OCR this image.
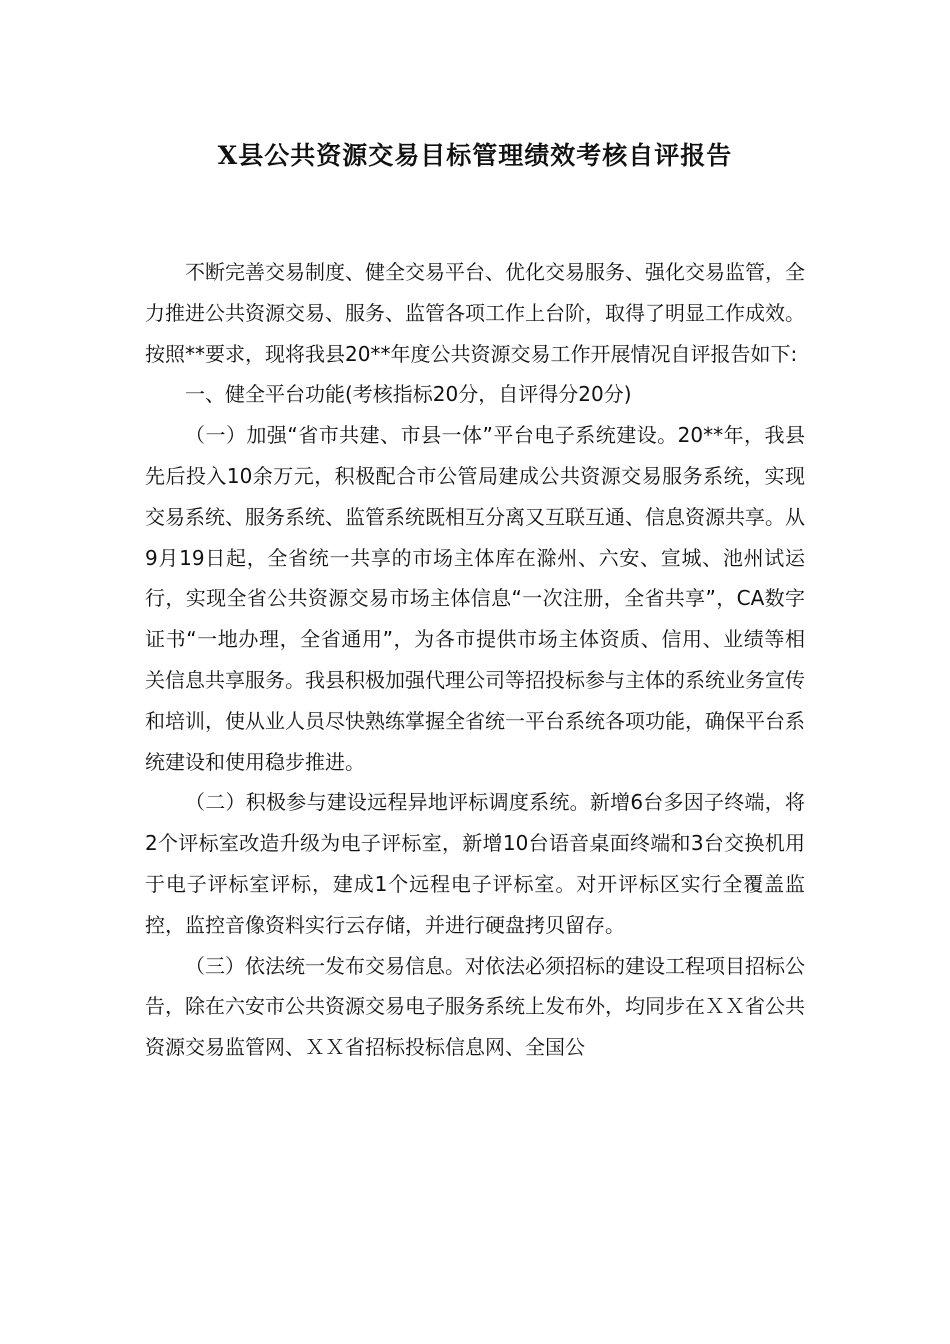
X县公共资源交易目标管理绩效考核自评报告

不断完善交易制度、健全交易平台、优化交易服务、强化交易监管，全力推进公共资源交易、服务、监管各项工作上台阶，取得了明显工作成效。按照**要求，现将我县20**年度公共资源交易工作开展情况自评报告如下:

一、健全平台功能(考核指标20分，自评得分20分)

（一）加强“省市共建、市县一体”平台电子系统建设。20**年，我县先后投入10余万元，积极配合市公管局建成公共资源交易服务系统，实现交易系统、服务系统、监管系统既相互分离又互联互通、信息资源共享。从9月19日起，全省统一共享的市场主体库在滁州、六安、宣城、池州试运行，实现全省公共资源交易市场主体信息“一次注册，全省共享”，CA数字证书“一地办理，全省通用”，为各市提供市场主体资质、信用、业绩等相关信息共享服务。我县积极加强代理公司等招投标参与主体的系统业务宣传和培训，使从业人员尽快熟练掌握全省统一平台系统各项功能，确保平台系统建设和使用稳步推进。

（二）积极参与建设远程异地评标调度系统。新增6台多因子终端，将2个评标室改造升级为电子评标室，新增10台语音桌面终端和3台交换机用于电子评标室评标，建成1个远程电子评标室。对开评标区实行全覆盖监控，监控音像资料实行云存储，并进行硬盘拷贝留存。

（三）依法统一发布交易信息。对依法必须招标的建设工程项目招标公告，除在六安市公共资源交易电子服务系统上发布外，均同步在ＸＸ省公共资源交易监管网、ＸＸ省招标投标信息网、全国公
